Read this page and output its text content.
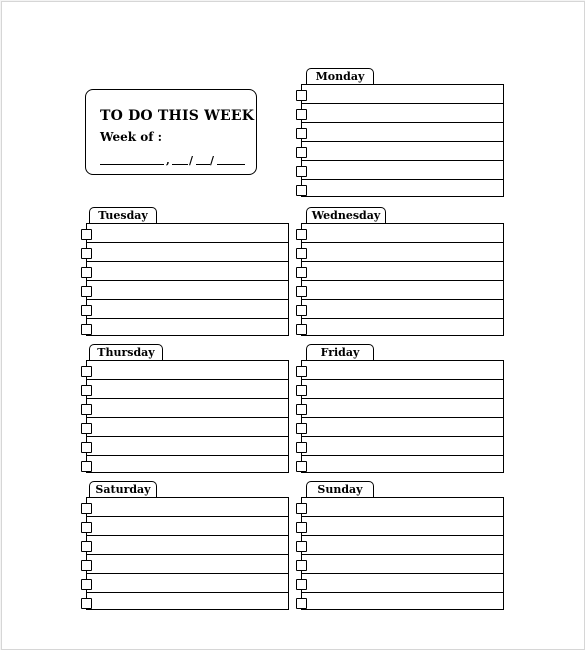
TO DO THIS WEEK
Week of :
, / /
Monday
Tuesday	Wednesday
Thursday	Friday
Saturday	Sunday
